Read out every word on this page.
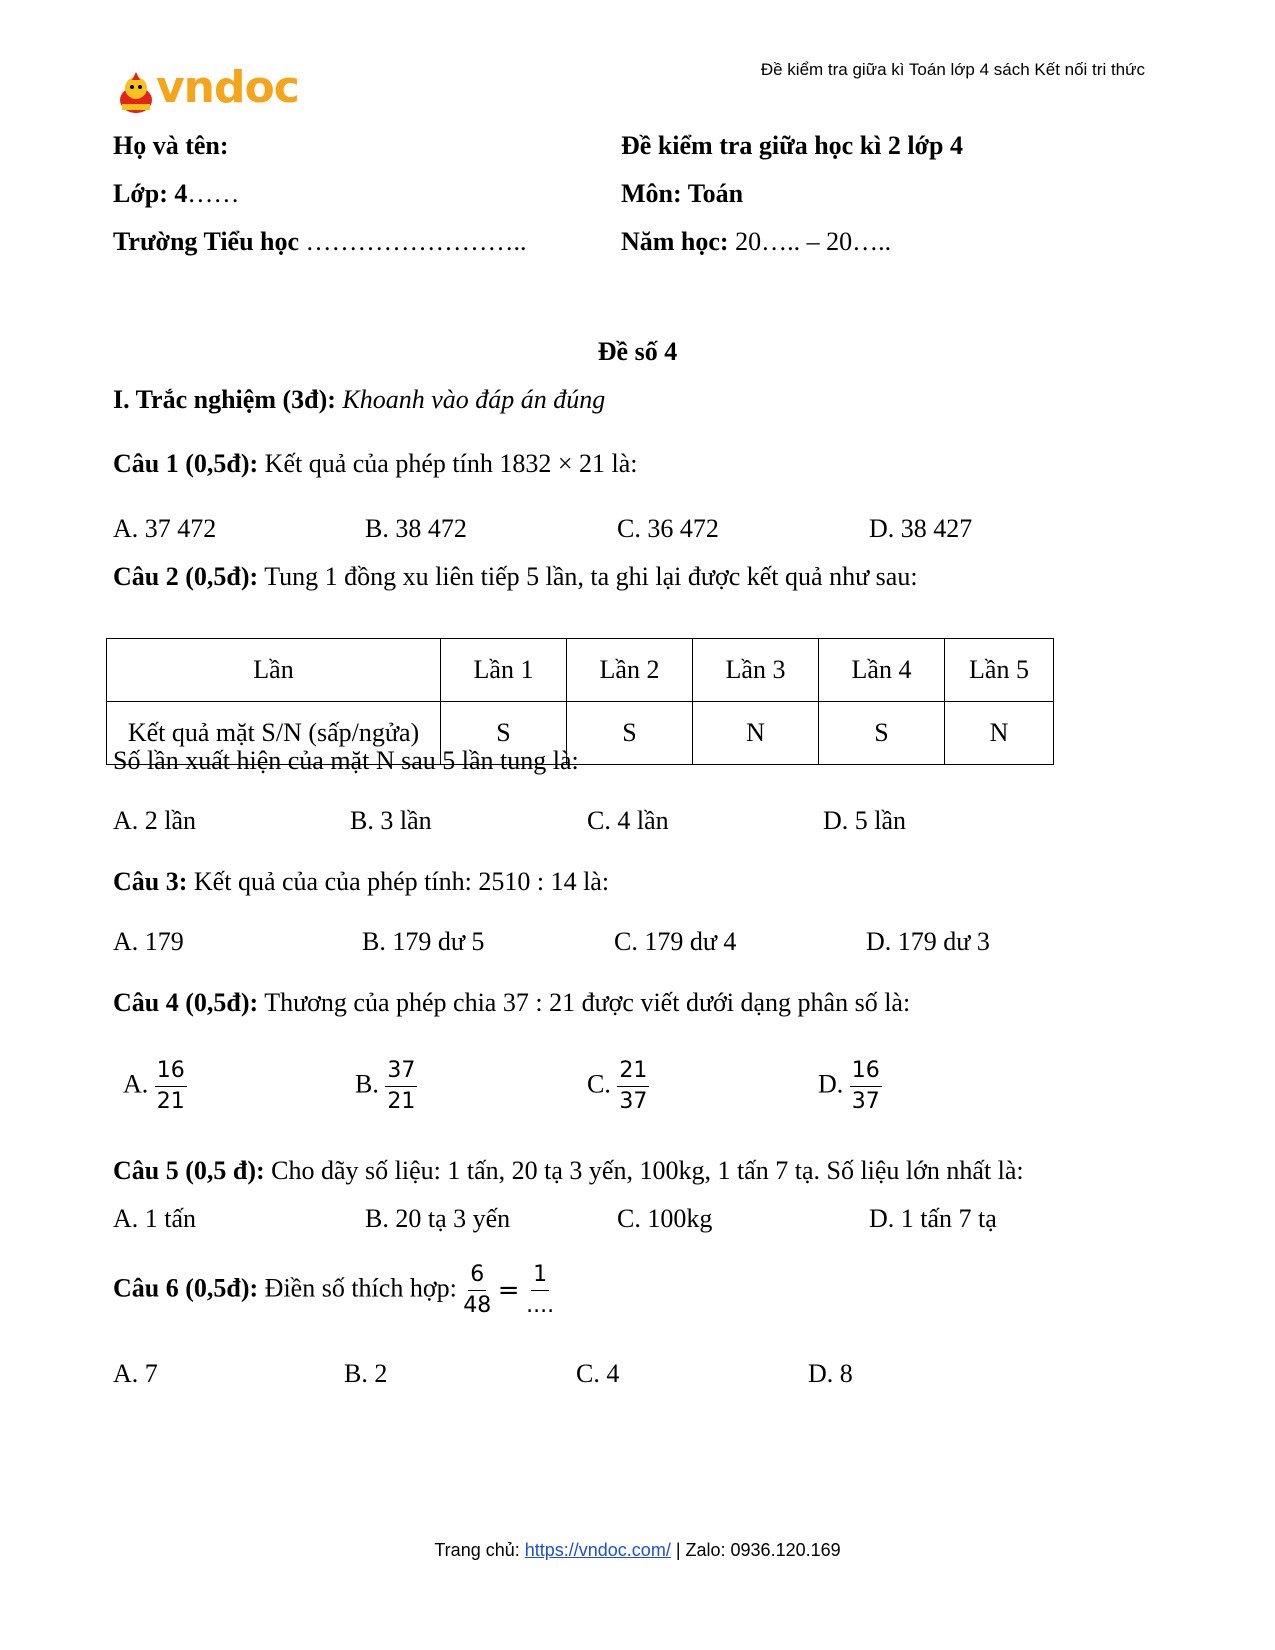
vndoc	Đề kiểm tra giữa kì Toán lớp 4 sách Kết nối tri thức
Họ và tên:
Lớp: 4……
Trường Tiểu học ……………………..
Đề kiểm tra giữa học kì 2 lớp 4
Môn: Toán
Năm học: 20….. – 20…..
Đề số 4
I. Trắc nghiệm (3đ): Khoanh vào đáp án đúng
Câu 1 (0,5đ): Kết quả của phép tính 1832 × 21 là:
A. 37 472	B. 38 472	C. 36 472	D. 38 427
Câu 2 (0,5đ): Tung 1 đồng xu liên tiếp 5 lần, ta ghi lại được kết quả như sau:
Lần	Lần 1	Lần 2	Lần 3	Lần 4	Lần 5
Kết quả mặt S/N (sấp/ngửa)	S	S	N	S	N
Số lần xuất hiện của mặt N sau 5 lần tung là:
A. 2 lần	B. 3 lần	C. 4 lần	D. 5 lần
Câu 3: Kết quả của của phép tính: 2510 : 14 là:
A. 179	B. 179 dư 5	C. 179 dư 4	D. 179 dư 3
Câu 4 (0,5đ): Thương của phép chia 37 : 21 được viết dưới dạng phân số là:
A. $\frac{16}{21}$	B. $\frac{37}{21}$	C. $\frac{21}{37}$	D. $\frac{16}{37}$
Câu 5 (0,5 đ): Cho dãy số liệu: 1 tấn, 20 tạ 3 yến, 100kg, 1 tấn 7 tạ. Số liệu lớn nhất là:
A. 1 tấn	B. 20 tạ 3 yến	C. 100kg	D. 1 tấn 7 tạ
Câu 6 (0,5đ): Điền số thích hợp: $\frac{6}{48} = \frac{1}{....}$
A. 7	B. 2	C. 4	D. 8
Trang chủ: https://vndoc.com/ | Zalo: 0936.120.169
